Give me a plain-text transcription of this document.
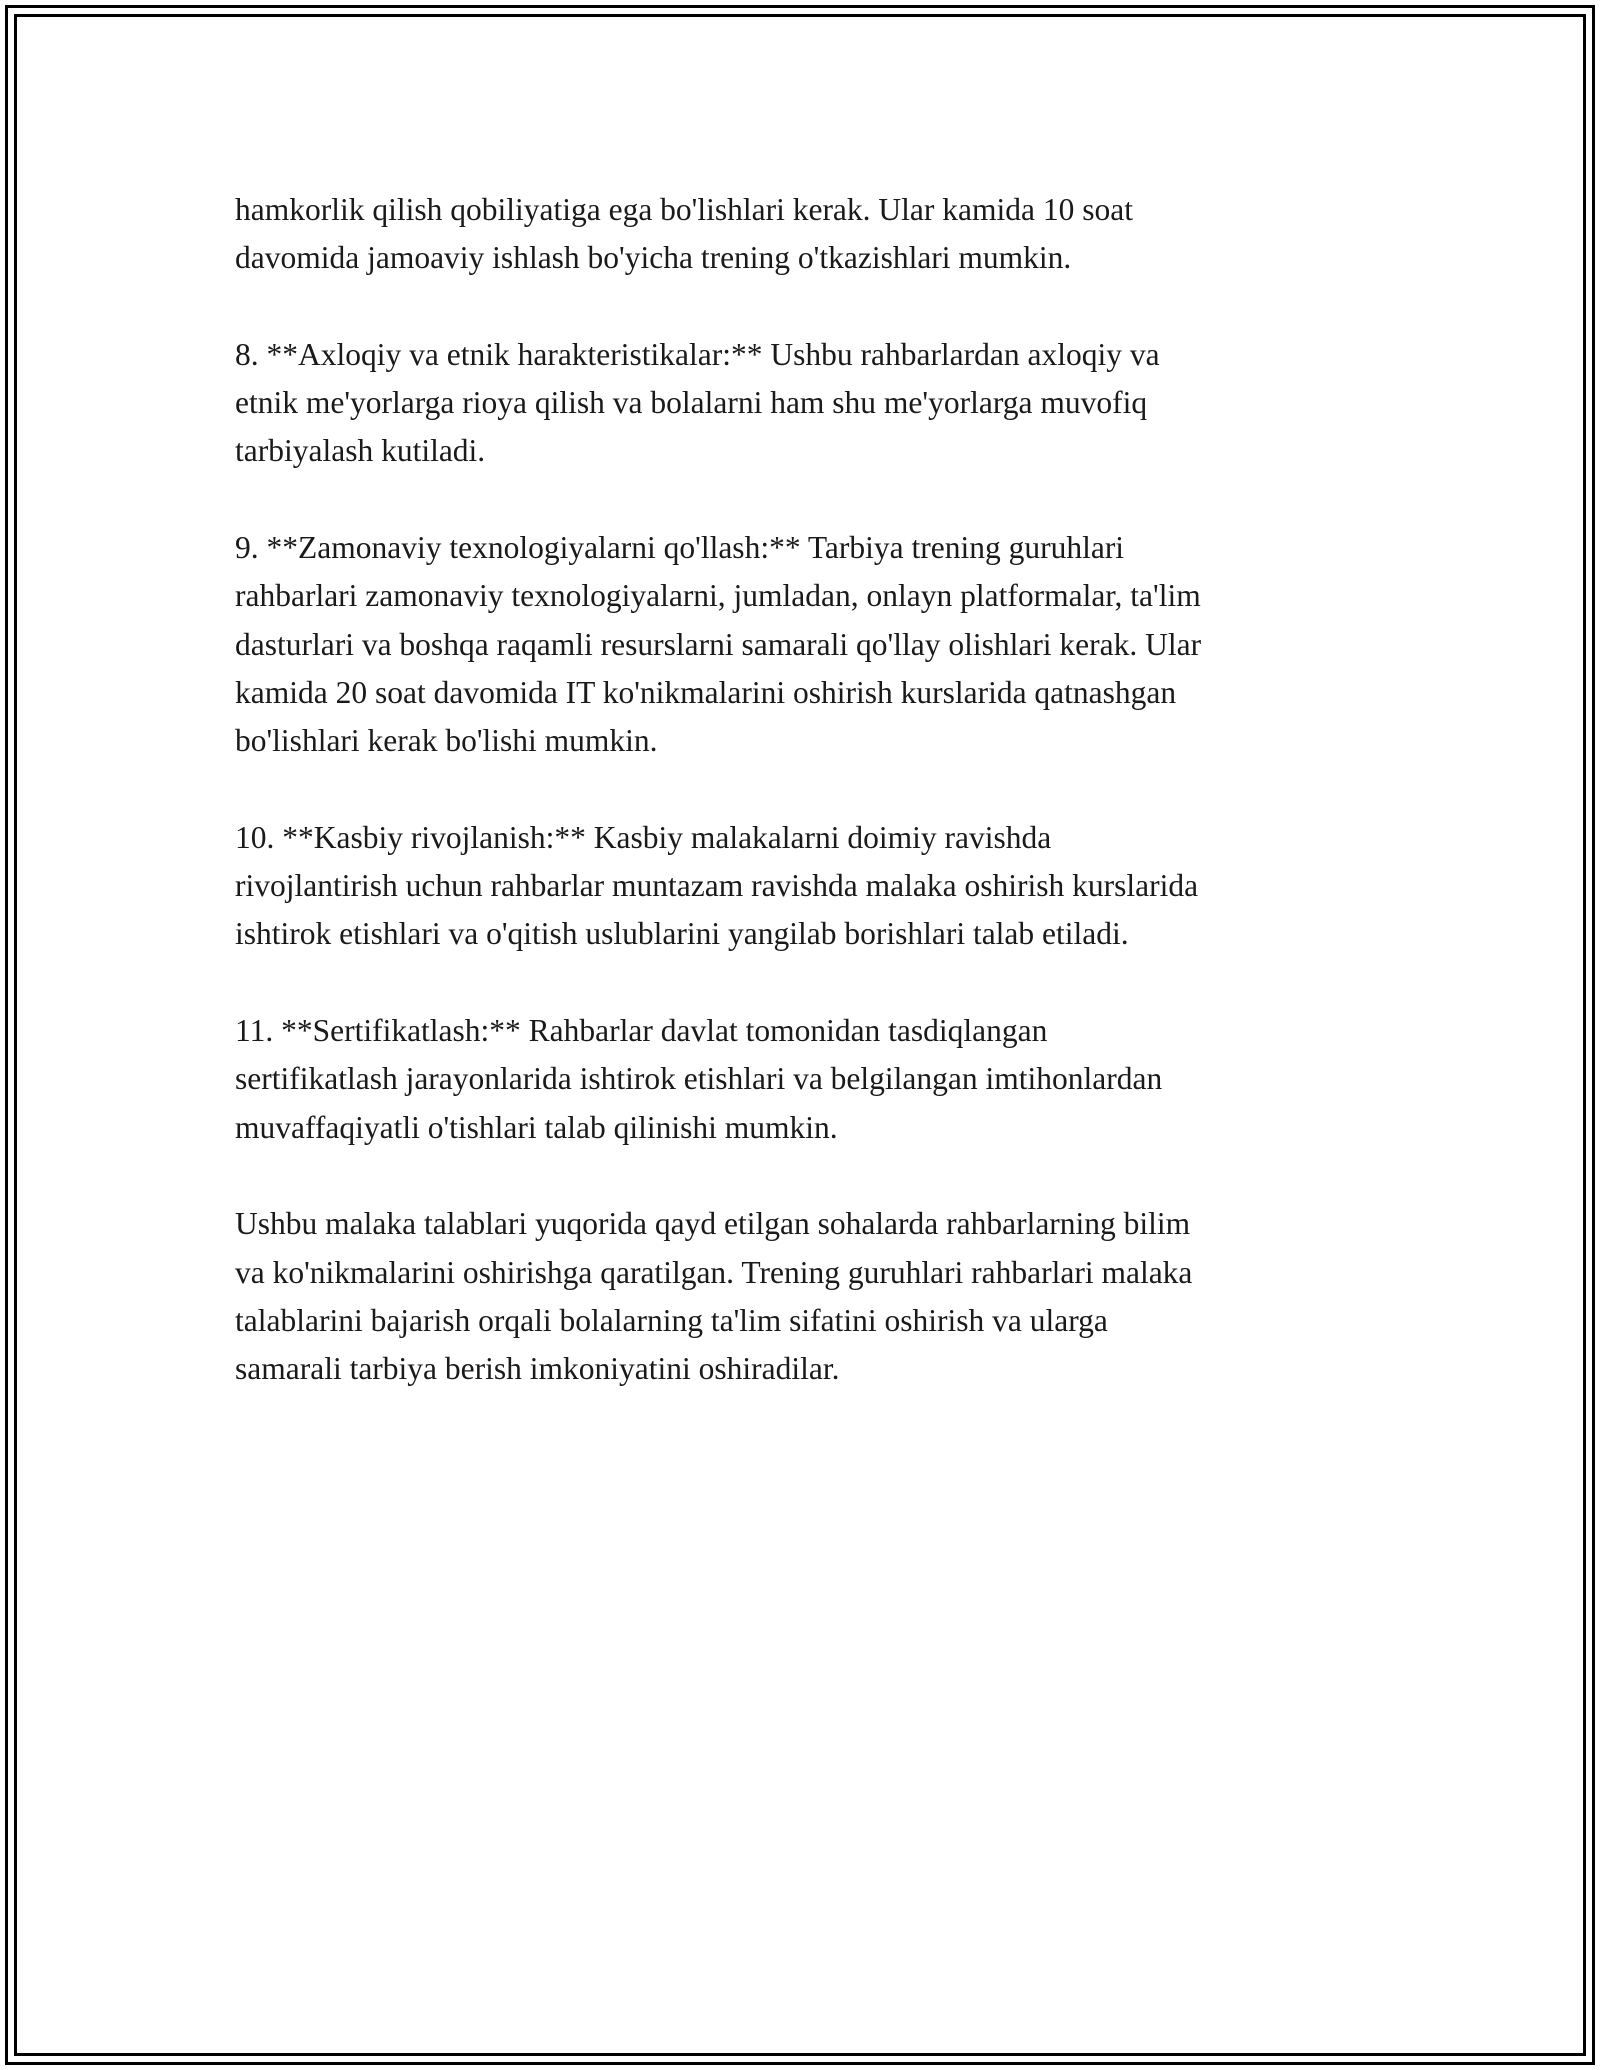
hamkorlik qilish qobiliyatiga ega bo'lishlari kerak. Ular kamida 10 soat
davomida jamoaviy ishlash bo'yicha trening o'tkazishlari mumkin.

8. **Axloqiy va etnik harakteristikalar:** Ushbu rahbarlardan axloqiy va
etnik me'yorlarga rioya qilish va bolalarni ham shu me'yorlarga muvofiq
tarbiyalash kutiladi.

9. **Zamonaviy texnologiyalarni qo'llash:** Tarbiya trening guruhlari
rahbarlari zamonaviy texnologiyalarni, jumladan, onlayn platformalar, ta'lim
dasturlari va boshqa raqamli resurslarni samarali qo'llay olishlari kerak. Ular
kamida 20 soat davomida IT ko'nikmalarini oshirish kurslarida qatnashgan
bo'lishlari kerak bo'lishi mumkin.

10. **Kasbiy rivojlanish:** Kasbiy malakalarni doimiy ravishda
rivojlantirish uchun rahbarlar muntazam ravishda malaka oshirish kurslarida
ishtirok etishlari va o'qitish uslublarini yangilab borishlari talab etiladi.

11. **Sertifikatlash:** Rahbarlar davlat tomonidan tasdiqlangan
sertifikatlash jarayonlarida ishtirok etishlari va belgilangan imtihonlardan
muvaffaqiyatli o'tishlari talab qilinishi mumkin.

Ushbu malaka talablari yuqorida qayd etilgan sohalarda rahbarlarning bilim
va ko'nikmalarini oshirishga qaratilgan. Trening guruhlari rahbarlari malaka
talablarini bajarish orqali bolalarning ta'lim sifatini oshirish va ularga
samarali tarbiya berish imkoniyatini oshiradilar.
